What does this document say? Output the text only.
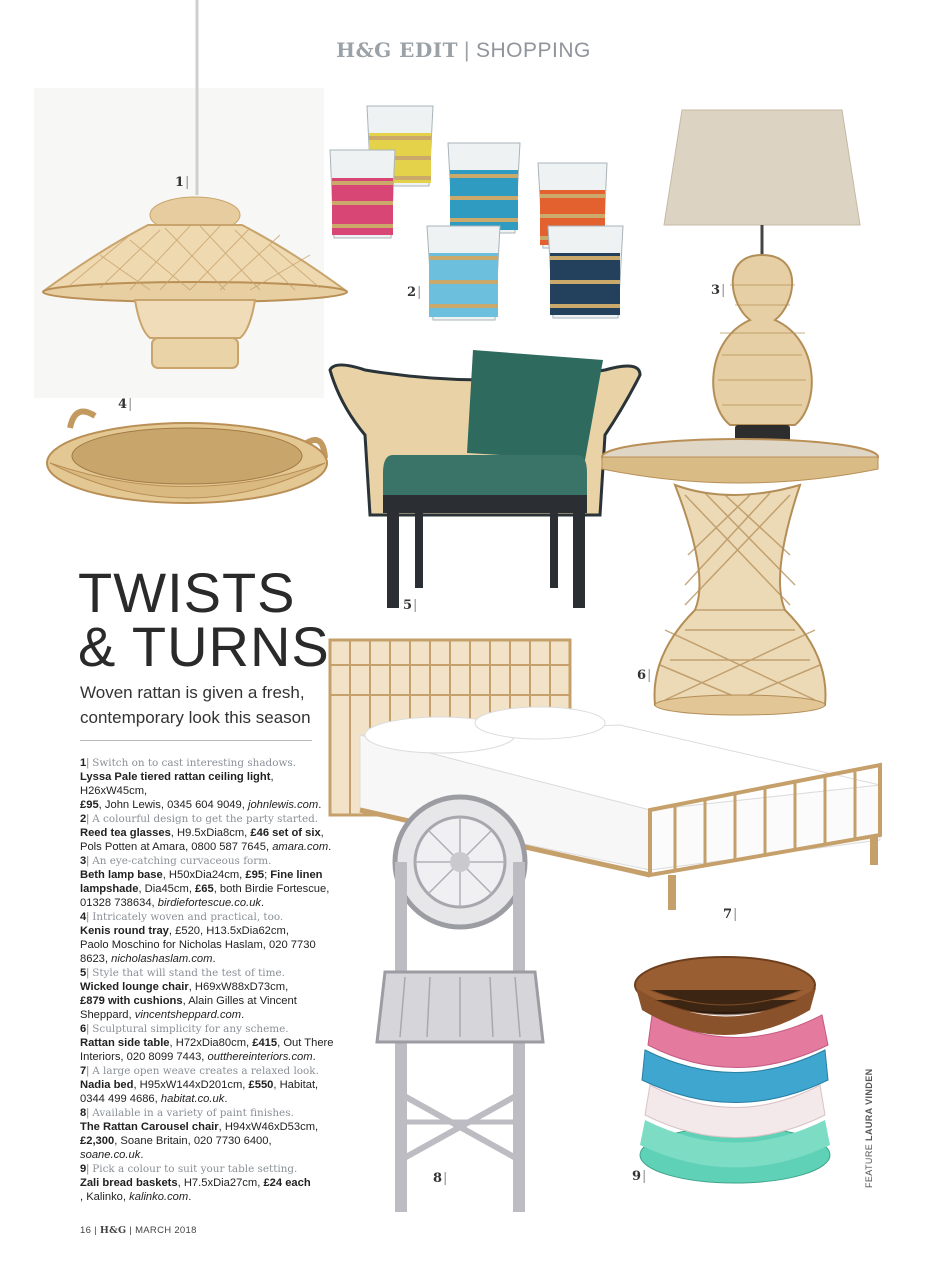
H&G EDIT | SHOPPING
1 |
2 |	3 |
4 |
5 |
6 |
7 |
8 |	9 |
TWISTS
& TURNS
Woven rattan is given a fresh, contemporary look this season

1 | Switch on to cast interesting shadows.
Lyssa Pale tiered rattan ceiling light, H26xW45cm,
£95, John Lewis, 0345 604 9049, johnlewis.com.

2 | A colourful design to get the party started.
Reed tea glasses, H9.5xDia8cm, £46 set of six, Pols Potten at Amara, 0800 587 7645, amara.com.

3 | An eye-catching curvaceous form.
Beth lamp base, H50xDia24cm, £95; Fine linen lampshade, Dia45cm, £65, both Birdie Fortescue, 01328 738634, birdiefortescue.co.uk.

4 | Intricately woven and practical, too.
Kenis round tray, £520, H13.5xDia62cm,
Paolo Moschino for Nicholas Haslam, 020 7730 8623, nicholashaslam.com.

5 | Style that will stand the test of time.
Wicked lounge chair, H69xW88xD73cm,
£879 with cushions, Alain Gilles at Vincent Sheppard, vincentsheppard.com.

6 | Sculptural simplicity for any scheme.
Rattan side table, H72xDia80cm, £415, Out There Interiors, 020 8099 7443, outthereinteriors.com.

7 | A large open weave creates a relaxed look.
Nadia bed, H95xW144xD201cm, £550, Habitat, 0344 499 4686, habitat.co.uk.

8 | Available in a variety of paint finishes.
The Rattan Carousel chair, H94xW46xD53cm,
£2,300, Soane Britain, 020 7730 6400, soane.co.uk.

9 | Pick a colour to suit your table setting.
Zali bread baskets, H7.5xDia27cm, £24 each
, Kalinko, kalinko.com.

16 | H&G | MARCH 2018
FEATURE LAURA VINDEN
